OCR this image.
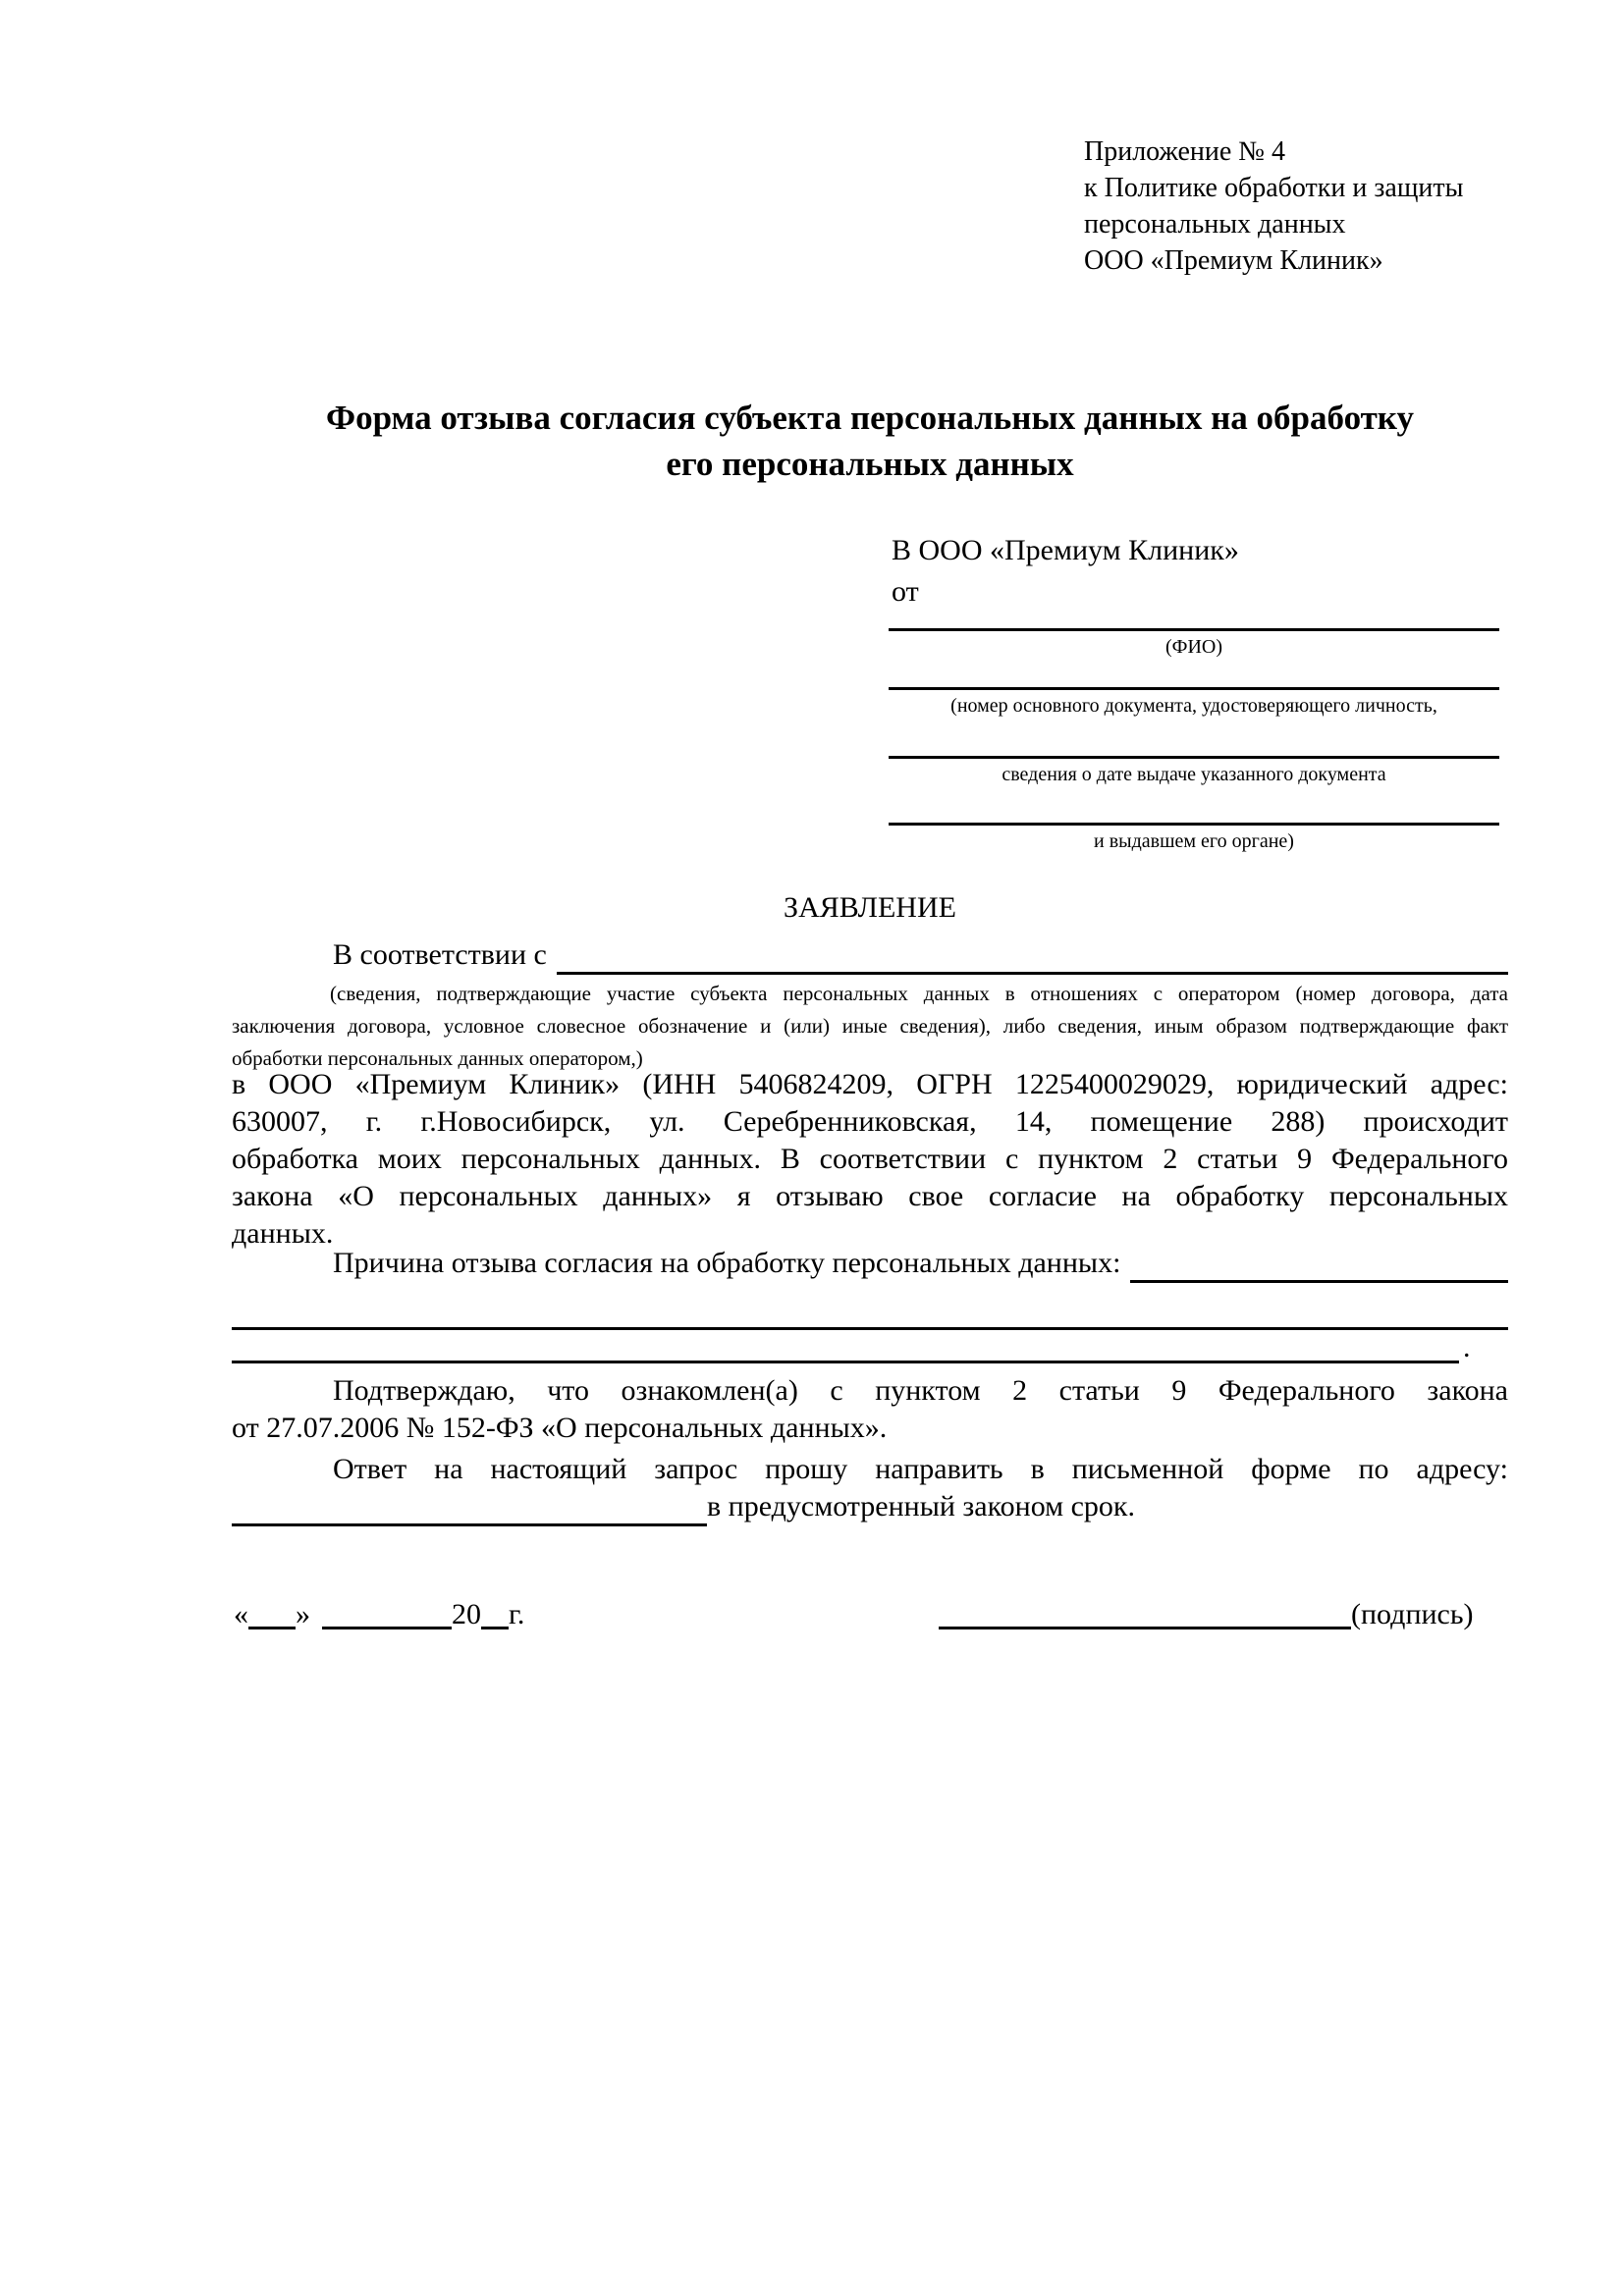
Приложение № 4
к Политике обработки и защиты
персональных данных
ООО «Премиум Клиник»
Форма отзыва согласия субъекта персональных данных на обработку
его персональных данных
В ООО «Премиум Клиник»
от
(ФИО)
(номер основного документа, удостоверяющего личность,
сведения о дате выдаче указанного документа
и выдавшем его органе)
ЗАЯВЛЕНИЕ
В соответствии с

(сведения, подтверждающие участие субъекта персональных данных в отношениях с оператором (номер договора, дата
заключения договора, условное словесное обозначение и (или) иные сведения), либо сведения, иным образом подтверждающие факт
обработки персональных данных оператором,)
в ООО «Премиум Клиник» (ИНН 5406824209, ОГРН 1225400029029, юридический адрес:
630007, г. г.Новосибирск, ул. Серебренниковская, 14, помещение 288) происходит
обработка моих персональных данных. В соответствии с пунктом 2 статьи 9 Федерального
закона «О персональных данных» я отзываю свое согласие на обработку персональных
данных.
Причина отзыва согласия на обработку персональных данных:

.
Подтверждаю, что ознакомлен(а) с пунктом 2 статьи 9 Федерального закона
от 27.07.2006 № 152-ФЗ «О персональных данных».
Ответ на настоящий запрос прошу направить в письменной форме по адресу:

в предусмотренный законом срок.
« »	20 г.	(подпись)
